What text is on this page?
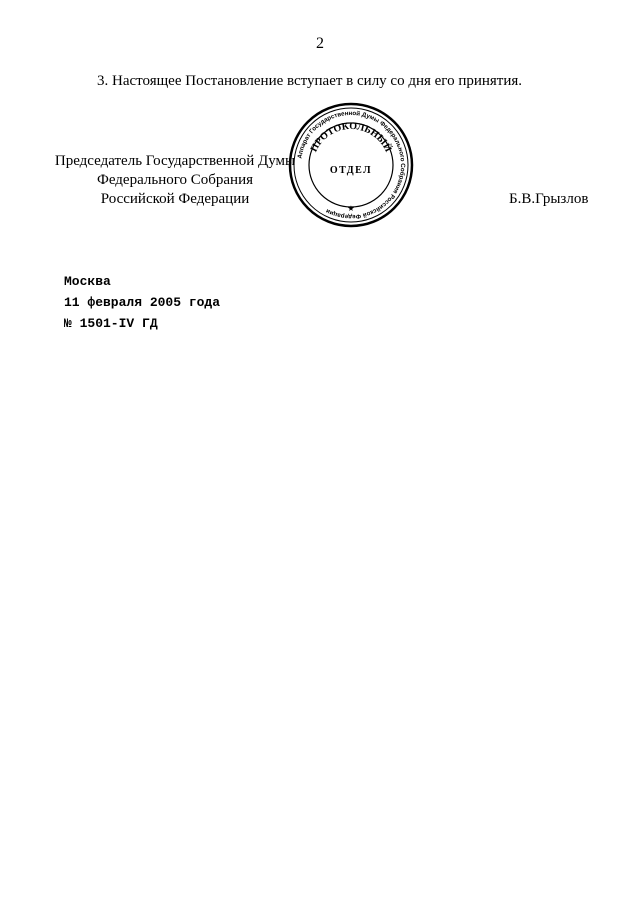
2
3. Настоящее Постановление вступает в силу со дня его принятия.
Председатель Государственной Думы
Федерального Собрания
Российской Федерации
Аппарат Государственной Думы Федерального Собрания Российской Федерации
ПРОТОКОЛЬНЫЙ
ОТДЕЛ
★
Б.В.Грызлов
Москва
11 февраля 2005 года
№ 1501-IV ГД
